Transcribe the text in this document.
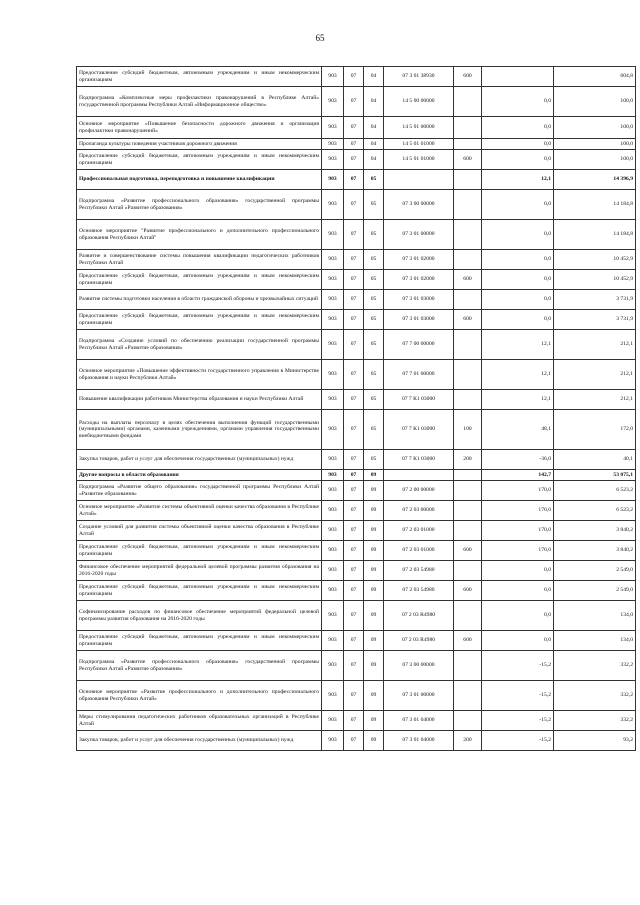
65
Предоставление субсидий бюджетным, автономным учреждениям и иным некоммерческим организациям	903	07	04	07 3 01 38930	600		604,8
Подпрограмма «Комплексные меры профилактики правонарушений в Республике Алтай» государственной программы Республики Алтай «Информационное общество»	903	07	04	14 5 00 00000		0,0	100,0
Основное мероприятие «Повышение безопасности дорожного движения и организация профилактики правонарушений»	903	07	04	14 5 01 00000		0,0	100,0
Пропаганда культуры поведения участников дорожного движения	903	07	04	14 5 01 01000		0,0	100,0
Предоставление субсидий бюджетным, автономным учреждениям и иным некоммерческим организациям	903	07	04	14 5 01 01000	600	0,0	100,0
Профессиональная подготовка, переподготовка и повышение квалификации	903	07	05			12,1	14 396,9
Подпрограмма «Развитие профессионального образования» государственной программы Республики Алтай «Развитие образования»	903	07	05	07 3 00 00000		0,0	14 184,8
Основное мероприятие "Развитие профессионального и дополнительного профессионального образования Республики Алтай"	903	07	05	07 3 01 00000		0,0	14 184,8
Развитие и совершенствование системы повышения квалификации педагогических работников Республики Алтай	903	07	05	07 3 01 02000		0,0	10 452,9
Предоставление субсидий бюджетным, автономным учреждениям и иным некоммерческим организациям	903	07	05	07 3 01 02000	600	0,0	10 452,9
Развитие системы подготовки населения в области гражданской обороны и чрезвычайных ситуаций	903	07	05	07 3 01 03000		0,0	3 731,9
Предоставление субсидий бюджетным, автономным учреждениям и иным некоммерческим организациям	903	07	05	07 3 01 03000	600	0,0	3 731,9
Подпрограмма «Создание условий по обеспечению реализации государственной программы Республики Алтай «Развитие образования»	903	07	05	07 7 00 00000		12,1	212,1
Основное мероприятие «Повышение эффективности государственного управления в Министерстве образования и науки Республики Алтай»	903	07	05	07 7 01 00000		12,1	212,1
Повышение квалификации работников Министерства образования и науки Республики Алтай	903	07	05	07 7 К1 03000		12,1	212,1
Расходы на выплаты персоналу в целях обеспечения выполнения функций государственными (муниципальными) органами, казенными учреждениями, органами управления государственными внебюджетными фондами	903	07	05	07 7 К1 03000	100	48,1	172,0
Закупка товаров, работ и услуг для обеспечения государственных (муниципальных) нужд	903	07	05	07 7 К1 03000	200	-36,0	40,1
Другие вопросы в области образования	903	07	09			142,7	53 075,1
Подпрограмма «Развитие общего образования» государственной программы Республики Алтай «Развитие образования»	903	07	09	07 2 00 00000		170,0	6 523,2
Основное мероприятие «Развитие системы объективной оценки качества образования в Республике Алтай»	903	07	09	07 2 03 00000		170,0	6 523,2
Создание условий для развития системы объективной оценки качества образования в Республике Алтай	903	07	09	07 2 03 01000		170,0	3 840,2
Предоставление субсидий бюджетным, автономным учреждениям и иным некоммерческим организациям	903	07	09	07 2 03 01000	600	170,0	3 840,2
Финансовое обеспечение мероприятий федеральной целевой программы развития образования на 2016-2020 годы	903	07	09	07 2 03 54980		0,0	2 549,0
Предоставление субсидий бюджетным, автономным учреждениям и иным некоммерческим организациям	903	07	09	07 2 03 54980	600	0,0	2 549,0
Софинансирование расходов по финансовое обеспечение мероприятий федеральной целевой программы развития образования на 2016-2020 годы	903	07	09	07 2 03 R4980		0,0	134,0
Предоставление субсидий бюджетным, автономным учреждениям и иным некоммерческим организациям	903	07	09	07 2 03 R4980	600	0,0	134,0
Подпрограмма «Развитие профессионального образования» государственной программы Республики Алтай «Развитие образования»	903	07	09	07 3 00 00000		-15,2	332,2
Основное мероприятие «Развитие профессионального и дополнительного профессионального образования Республики Алтай»	903	07	09	07 3 01 00000		-15,2	332,2
Меры стимулирования педагогических работников образовательных организаций в Республике Алтай	903	07	09	07 3 01 04000		-15,2	332,2
Закупка товаров, работ и услуг для обеспечения государственных (муниципальных) нужд	903	07	09	07 3 01 04000	200	-15,2	93,2
